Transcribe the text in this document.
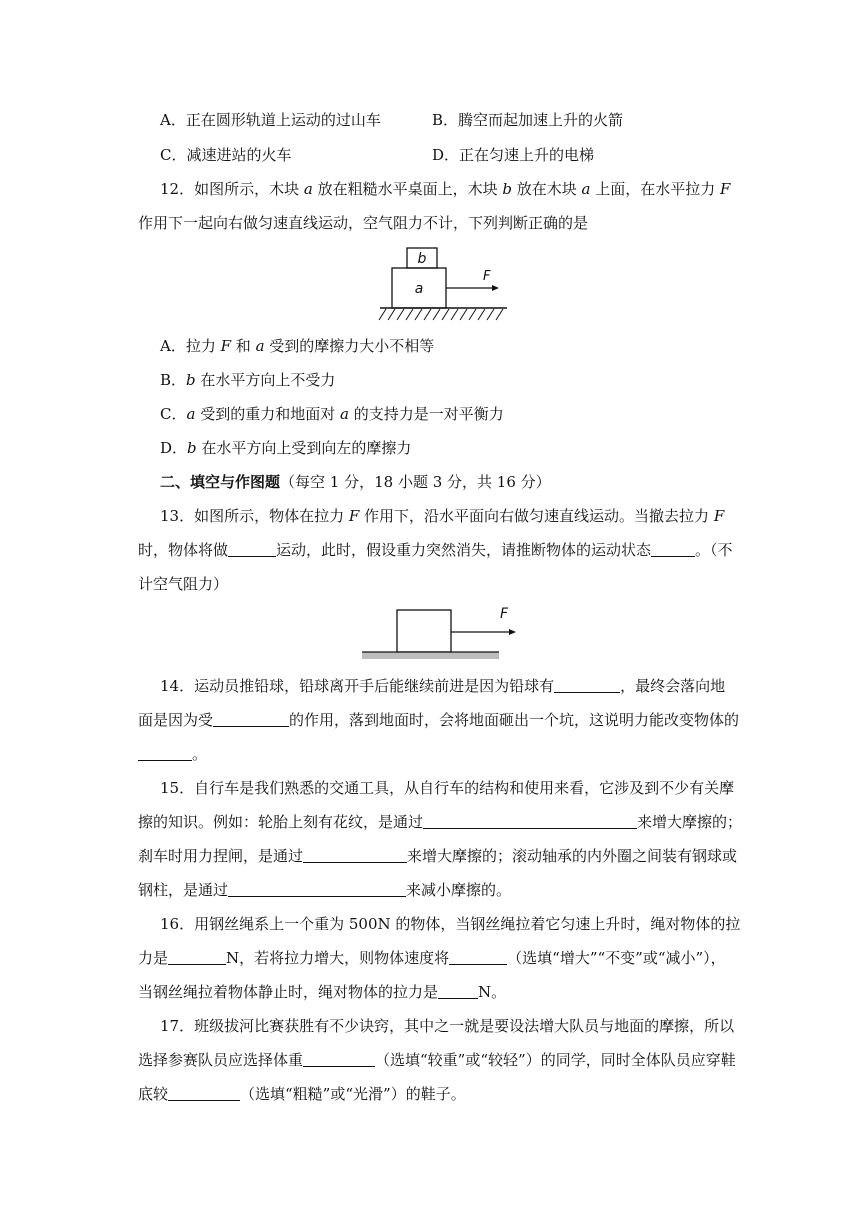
A．正在圆形轨道上运动的过山车	B．腾空而起加速上升的火箭
C．减速进站的火车	D．正在匀速上升的电梯
12．如图所示，木块 a 放在粗糙水平桌面上，木块 b 放在木块 a 上面，在水平拉力 F
作用下一起向右做匀速直线运动，空气阻力不计，下列判断正确的是
b
a
F
A．拉力 F 和 a 受到的摩擦力大小不相等
B．b 在水平方向上不受力
C．a 受到的重力和地面对 a 的支持力是一对平衡力
D．b 在水平方向上受到向左的摩擦力
二、填空与作图题（每空 1 分，18 小题 3 分，共 16 分）
13．如图所示，物体在拉力 F 作用下，沿水平面向右做匀速直线运动。当撤去拉力 F
时，物体将做	运动，此时，假设重力突然消失，请推断物体的运动状态	。（不
计空气阻力）
F
14．运动员推铅球，铅球离开手后能继续前进是因为铅球有	，最终会落向地
面是因为受	的作用，落到地面时，会将地面砸出一个坑，这说明力能改变物体的
。
15．自行车是我们熟悉的交通工具，从自行车的结构和使用来看，它涉及到不少有关摩
擦的知识。例如：轮胎上刻有花纹，是通过	来增大摩擦的；
刹车时用力捏闸，是通过	来增大摩擦的；滚动轴承的内外圈之间装有钢球或
钢柱，是通过	来减小摩擦的。
16．用钢丝绳系上一个重为 500N 的物体，当钢丝绳拉着它匀速上升时，绳对物体的拉
力是	N，若将拉力增大，则物体速度将	（选填“增大”“不变”或“减小”），
当钢丝绳拉着物体静止时，绳对物体的拉力是	N。
17．班级拔河比赛获胜有不少诀窍，其中之一就是要设法增大队员与地面的摩擦，所以
选择参赛队员应选择体重	（选填“较重”或“较轻”）的同学，同时全体队员应穿鞋
底较	（选填“粗糙”或“光滑”）的鞋子。
